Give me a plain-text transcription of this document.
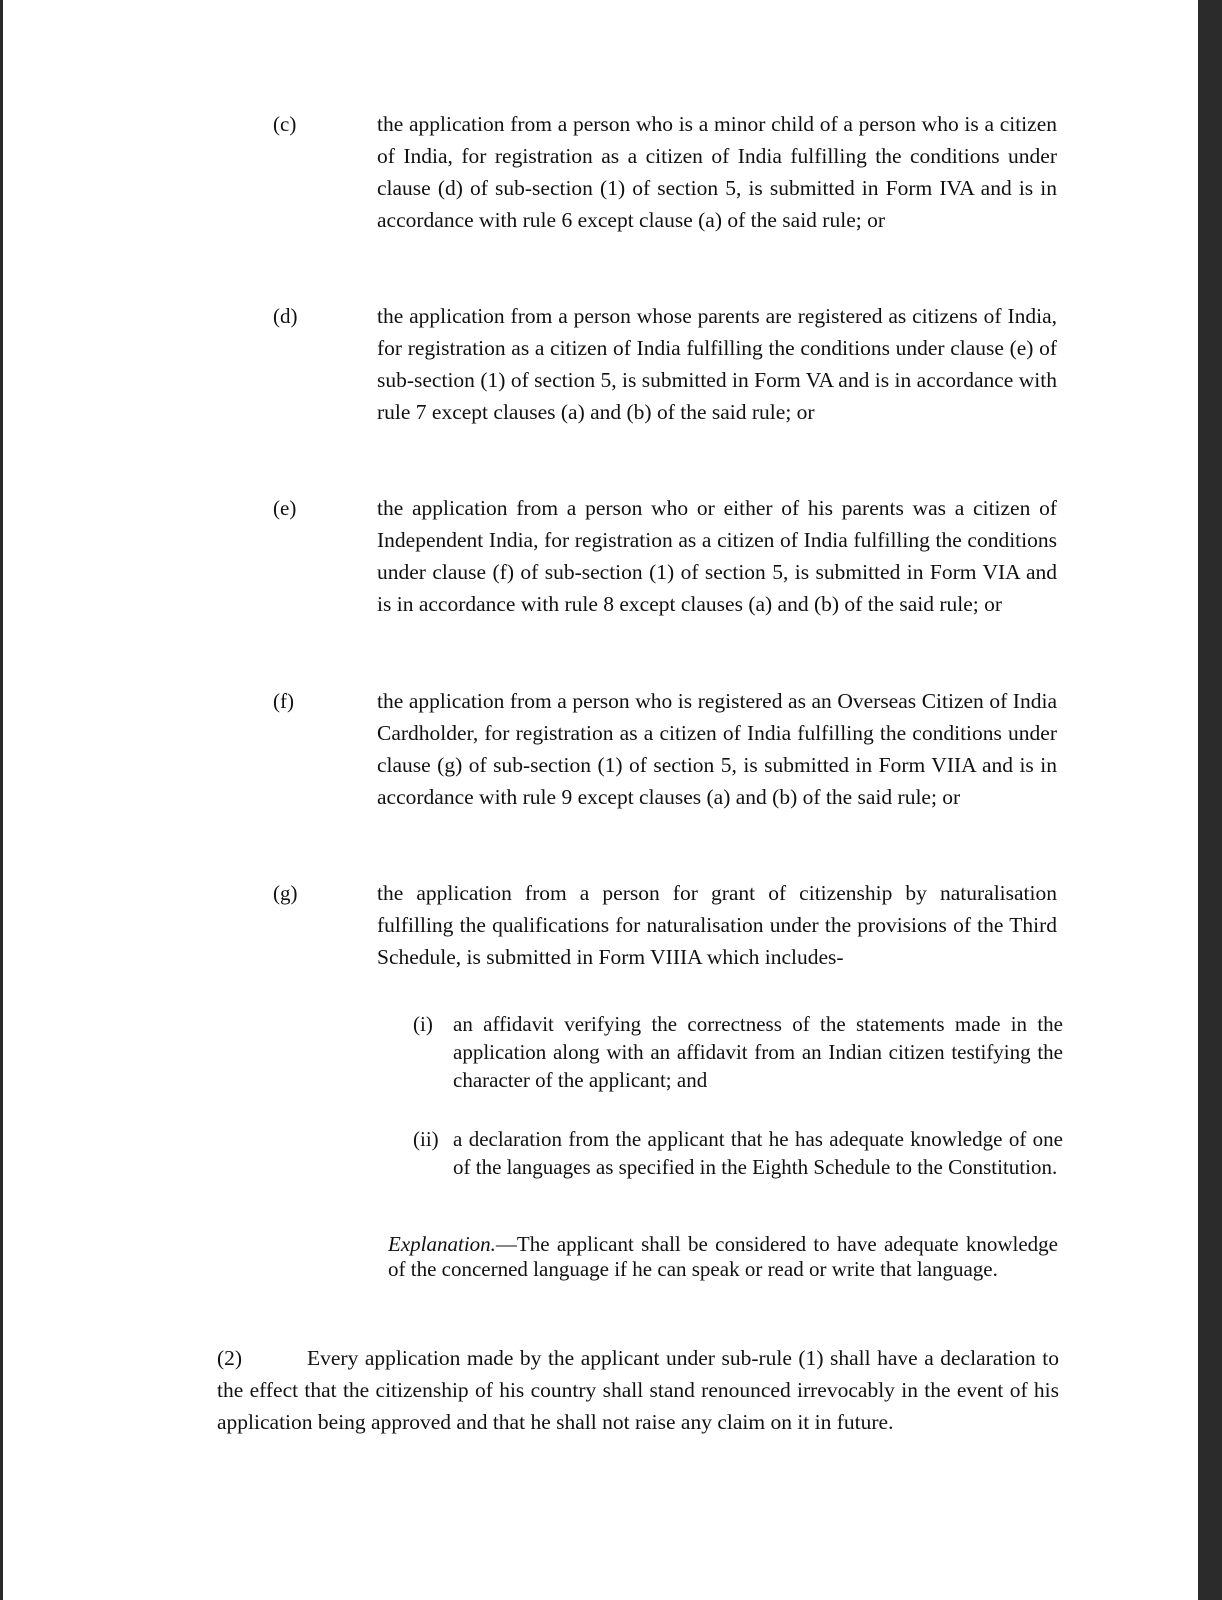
(c)	the application from a person who is a minor child of a person who is a citizen of India, for registration as a citizen of India fulfilling the conditions under clause (d) of sub-section (1) of section 5, is submitted in Form IVA and is in accordance with rule 6 except clause (a) of the said rule; or
(d)	the application from a person whose parents are registered as citizens of India, for registration as a citizen of India fulfilling the conditions under clause (e) of sub-section (1) of section 5, is submitted in Form VA and is in accordance with rule 7 except clauses (a) and (b) of the said rule; or
(e)	the application from a person who or either of his parents was a citizen of Independent India, for registration as a citizen of India fulfilling the conditions under clause (f) of sub-section (1) of section 5, is submitted in Form VIA and is in accordance with rule 8 except clauses (a) and (b) of the said rule; or
(f)	the application from a person who is registered as an Overseas Citizen of India Cardholder, for registration as a citizen of India fulfilling the conditions under clause (g) of sub-section (1) of section 5, is submitted in Form VIIA and is in accordance with rule 9 except clauses (a) and (b) of the said rule; or
(g)	the application from a person for grant of citizenship by naturalisation fulfilling the qualifications for naturalisation under the provisions of the Third Schedule, is submitted in Form VIIIA which includes-
(i) an affidavit verifying the correctness of the statements made in the application along with an affidavit from an Indian citizen testifying the character of the applicant; and
(ii) a declaration from the applicant that he has adequate knowledge of one of the languages as specified in the Eighth Schedule to the Constitution.
Explanation.—The applicant shall be considered to have adequate knowledge of the concerned language if he can speak or read or write that language.
(2)	Every application made by the applicant under sub-rule (1) shall have a declaration to the effect that the citizenship of his country shall stand renounced irrevocably in the event of his application being approved and that he shall not raise any claim on it in future.
